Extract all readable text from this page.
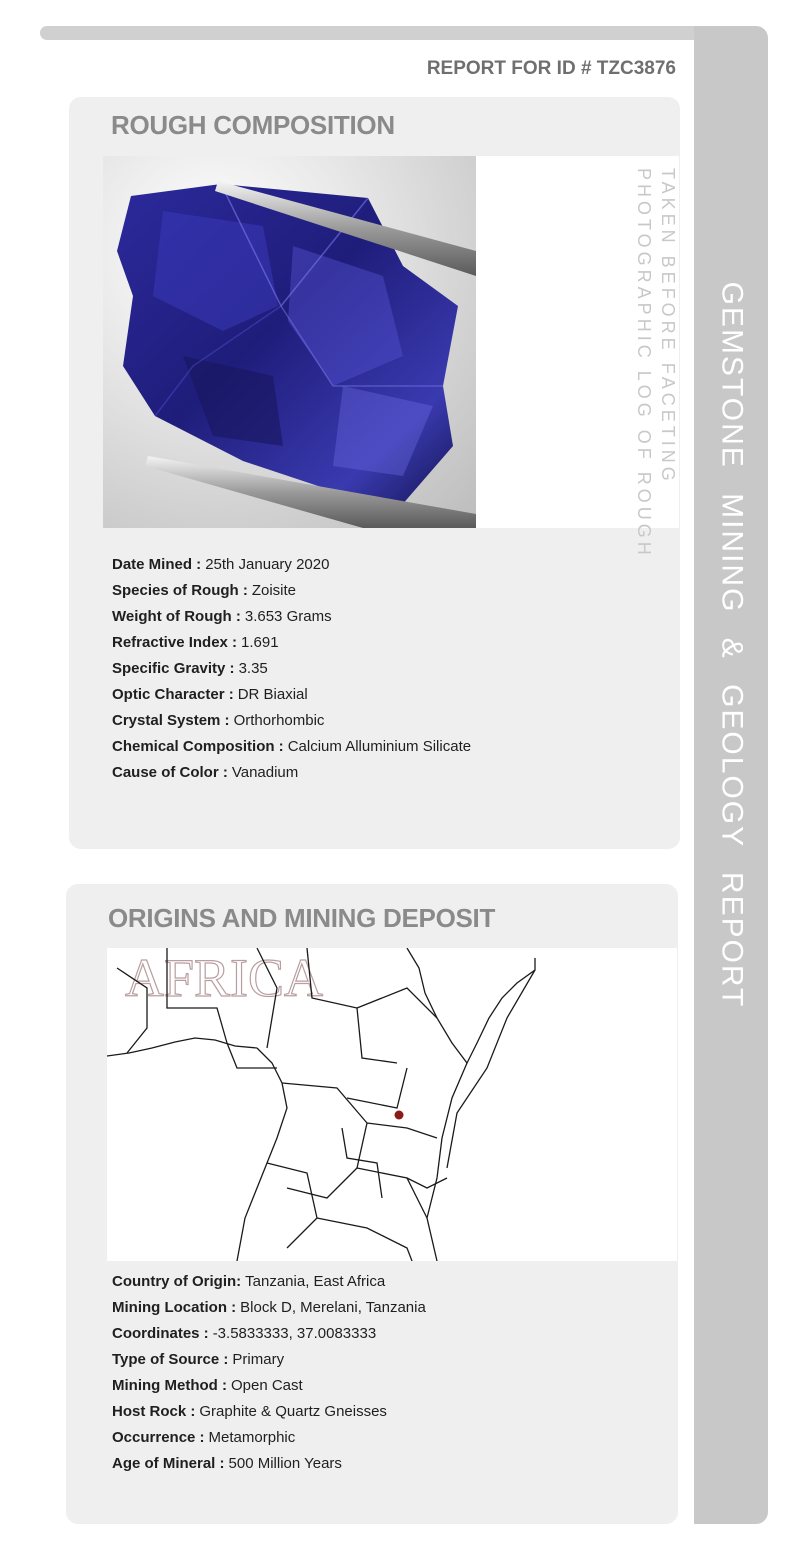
GEMSTONE MINING & GEOLOGY REPORT
REPORT FOR ID # TZC3876
ROUGH COMPOSITION
PHOTOGRAPHIC LOG OF ROUGH TAKEN BEFORE FACETING
Date Mined : 25th January 2020
Species of Rough : Zoisite
Weight of Rough : 3.653 Grams
Refractive Index : 1.691
Specific Gravity : 3.35
Optic Character : DR Biaxial
Crystal System : Orthorhombic
Chemical Composition : Calcium Alluminium Silicate
Cause of Color : Vanadium
ORIGINS AND MINING DEPOSIT
AFRICA
Country of Origin: Tanzania, East Africa
Mining Location : Block D, Merelani, Tanzania
Coordinates : -3.5833333, 37.0083333
Type of Source : Primary
Mining Method : Open Cast
Host Rock : Graphite & Quartz Gneisses
Occurrence : Metamorphic
Age of Mineral : 500 Million Years
